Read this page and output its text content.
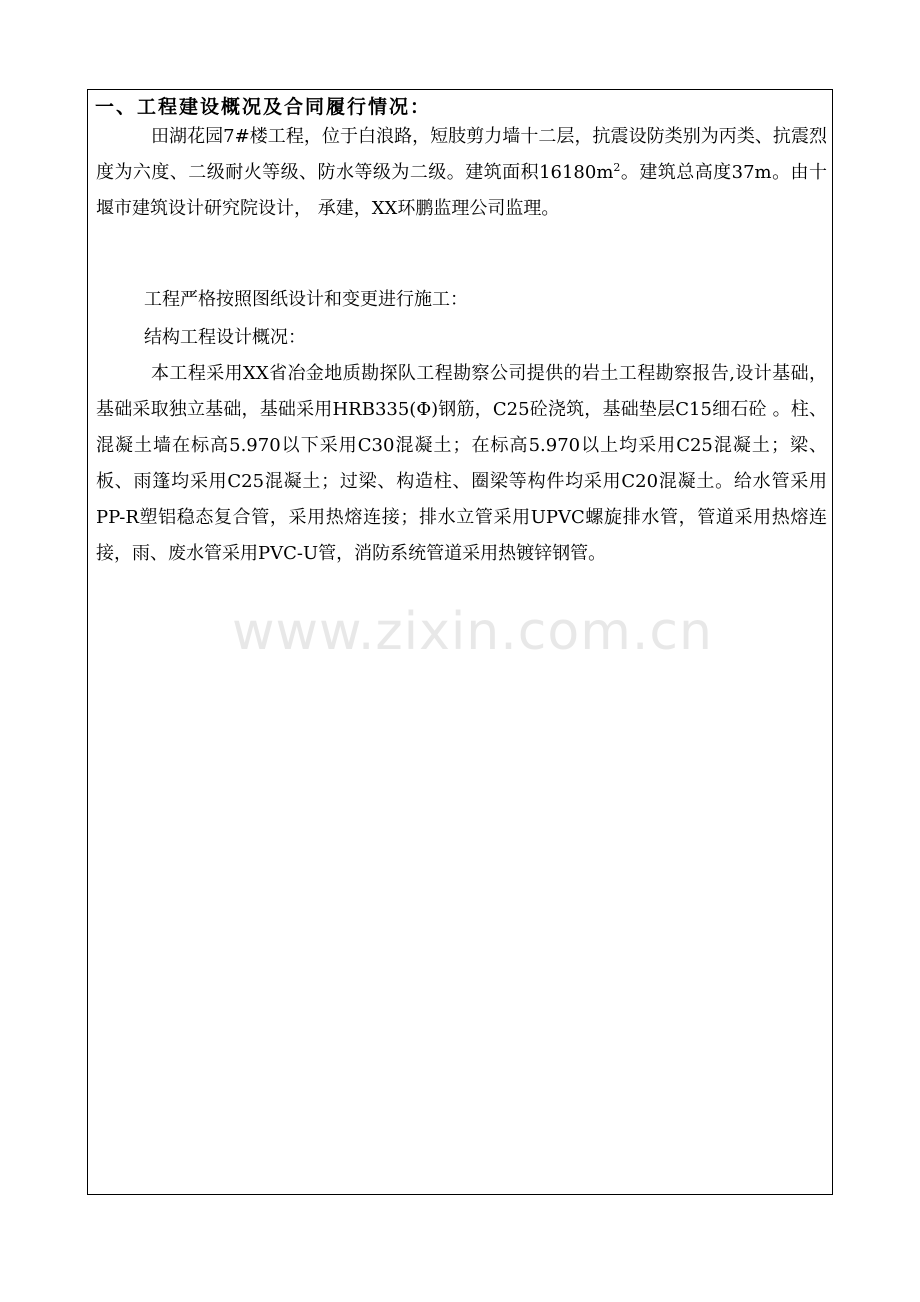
一、工程建设概况及合同履行情况：

田湖花园7#楼工程，位于白浪路，短肢剪力墙十二层，抗震设防类别为丙类、抗震烈度为六度、二级耐火等级、防水等级为二级。建筑面积$16180m^2$。建筑总高度37m。由十堰市建筑设计研究院设计， 承建，XX环鹏监理公司监理。

工程严格按照图纸设计和变更进行施工：

结构工程设计概况：

本工程采用XX省冶金地质勘探队工程勘察公司提供的岩土工程勘察报告,设计基础，基础采取独立基础，基础采用HRB335(Φ)钢筋，C25砼浇筑，基础垫层C15细石砼 。柱、混凝土墙在标高5.970以下采用C30混凝土；在标高5.970以上均采用C25混凝土；梁、板、雨篷均采用C25混凝土；过梁、构造柱、圈梁等构件均采用C20混凝土。给水管采用PP-R塑铝稳态复合管，采用热熔连接；排水立管采用UPVC螺旋排水管，管道采用热熔连接，雨、废水管采用PVC-U管，消防系统管道采用热镀锌钢管。

www.zixin.com.cn
